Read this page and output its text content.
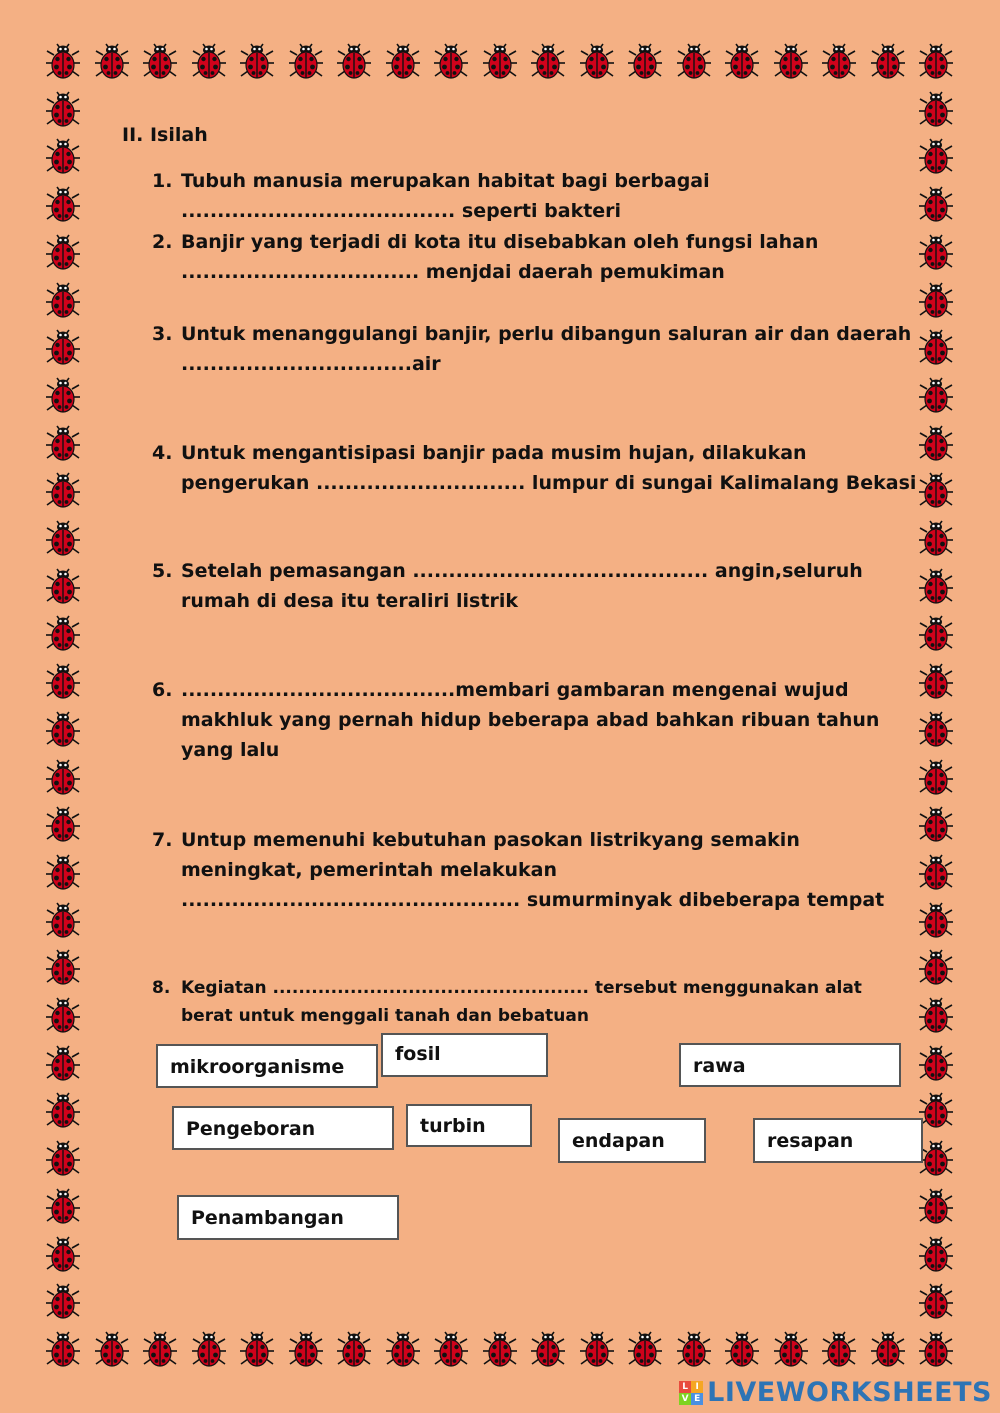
II. Isilah
1. Tubuh manusia merupakan habitat bagi berbagai ...................................... seperti bakteri
2. Banjir yang terjadi di kota itu disebabkan oleh fungsi lahan ................................. menjdai daerah pemukiman
3. Untuk menanggulangi banjir, perlu dibangun saluran air dan daerah ................................air
4. Untuk mengantisipasi banjir pada musim hujan, dilakukan pengerukan ............................. lumpur di sungai Kalimalang Bekasi
5. Setelah pemasangan ......................................... angin,seluruh rumah di desa itu teraliri listrik
6. ......................................membari gambaran mengenai wujud makhluk yang pernah hidup beberapa abad bahkan ribuan tahun yang lalu
7. Untup memenuhi kebutuhan pasokan listrikyang semakin meningkat, pemerintah melakukan ............................................... sumurminyak dibeberapa tempat
8. Kegiatan ................................................. tersebut menggunakan alat berat untuk menggali tanah dan bebatuan
mikroorganisme
fosil
rawa
Pengeboran	turbin
endapan	resapan
Penambangan
L I
V E LIVEWORKSHEETS
